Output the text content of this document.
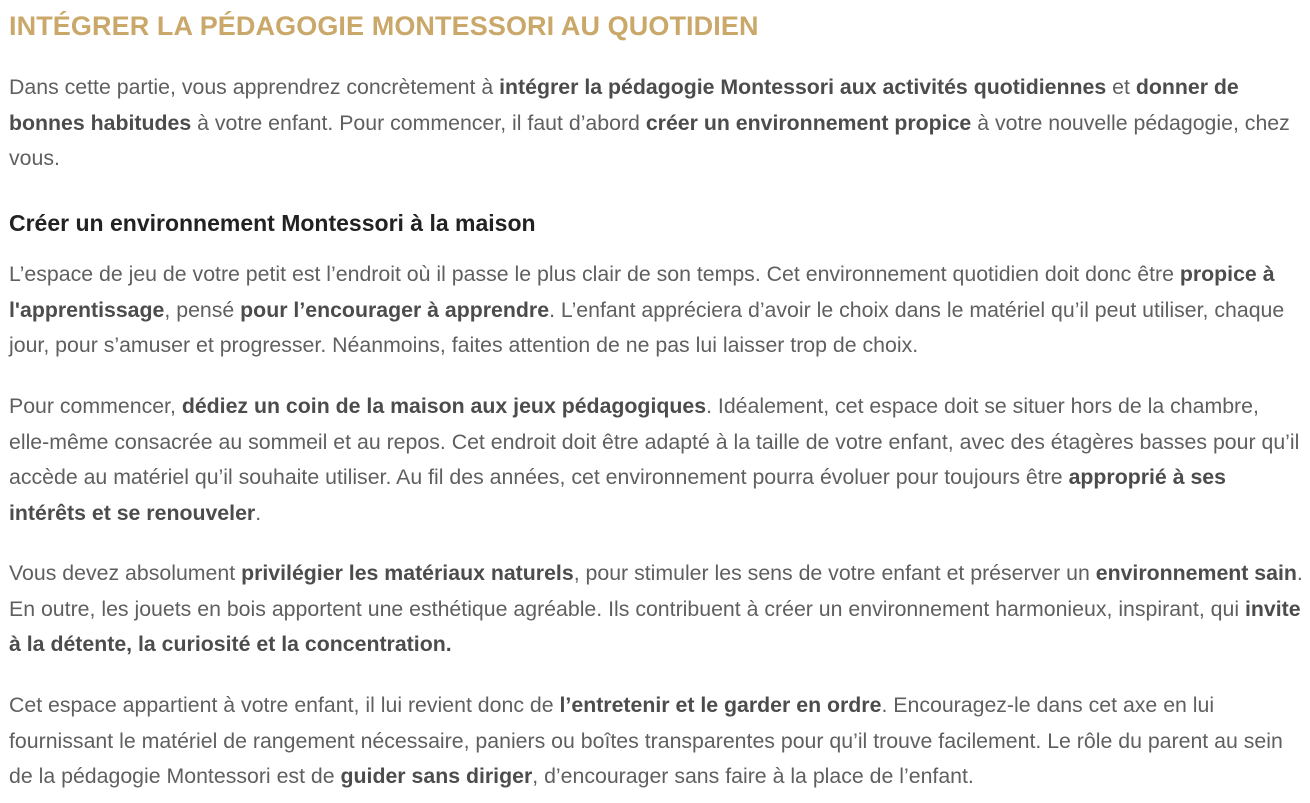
INTÉGRER LA PÉDAGOGIE MONTESSORI AU QUOTIDIEN

Dans cette partie, vous apprendrez concrètement à intégrer la pédagogie Montessori aux activités quotidiennes et donner de bonnes habitudes à votre enfant. Pour commencer, il faut d’abord créer un environnement propice à votre nouvelle pédagogie, chez vous.

Créer un environnement Montessori à la maison

L’espace de jeu de votre petit est l’endroit où il passe le plus clair de son temps. Cet environnement quotidien doit donc être propice à l'apprentissage, pensé pour l’encourager à apprendre. L’enfant appréciera d’avoir le choix dans le matériel qu’il peut utiliser, chaque jour, pour s’amuser et progresser. Néanmoins, faites attention de ne pas lui laisser trop de choix.

Pour commencer, dédiez un coin de la maison aux jeux pédagogiques. Idéalement, cet espace doit se situer hors de la chambre, elle-même consacrée au sommeil et au repos. Cet endroit doit être adapté à la taille de votre enfant, avec des étagères basses pour qu’il accède au matériel qu’il souhaite utiliser. Au fil des années, cet environnement pourra évoluer pour toujours être approprié à ses intérêts et se renouveler.

Vous devez absolument privilégier les matériaux naturels, pour stimuler les sens de votre enfant et préserver un environnement sain. En outre, les jouets en bois apportent une esthétique agréable. Ils contribuent à créer un environnement harmonieux, inspirant, qui invite à la détente, la curiosité et la concentration.

Cet espace appartient à votre enfant, il lui revient donc de l’entretenir et le garder en ordre. Encouragez-le dans cet axe en lui fournissant le matériel de rangement nécessaire, paniers ou boîtes transparentes pour qu’il trouve facilement. Le rôle du parent au sein de la pédagogie Montessori est de guider sans diriger, d’encourager sans faire à la place de l’enfant.
